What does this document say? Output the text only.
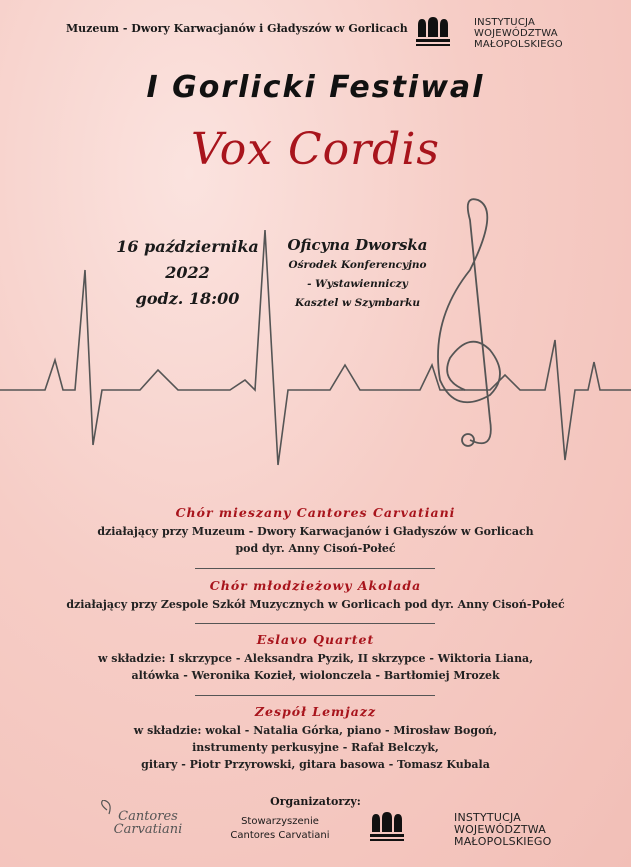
Muzeum - Dwory Karwacjanów i Gładyszów w Gorlicach	INSTYTUCJA
WOJEWÓDZTWA
MAŁOPOLSKIEGO
I Gorlicki Festiwal
Vox Cordis
16 października
2022
godz. 18:00
Oficyna Dworska
Ośrodek Konferencyjno
- Wystawienniczy
Kasztel w Szymbarku
Chór mieszany Cantores Carvatiani
działający przy Muzeum - Dwory Karwacjanów i Gładyszów w Gorlicach
pod dyr. Anny Cisoń-Połeć
Chór młodzieżowy Akolada
działający przy Zespole Szkół Muzycznych w Gorlicach pod dyr. Anny Cisoń-Połeć
Eslavo Quartet
w składzie: I skrzypce - Aleksandra Pyzik, II skrzypce - Wiktoria Liana,
altówka - Weronika Kozieł, wiolonczela - Bartłomiej Mrozek
Zespół Lemjazz
w składzie: wokal - Natalia Górka, piano - Mirosław Bogoń,
instrumenty perkusyjne - Rafał Belczyk,
gitary - Piotr Przyrowski, gitara basowa - Tomasz Kubala
Organizatorzy:
Cantores
Carvatiani
Stowarzyszenie
Cantores Carvatiani
INSTYTUCJA
WOJEWÓDZTWA
MAŁOPOLSKIEGO
